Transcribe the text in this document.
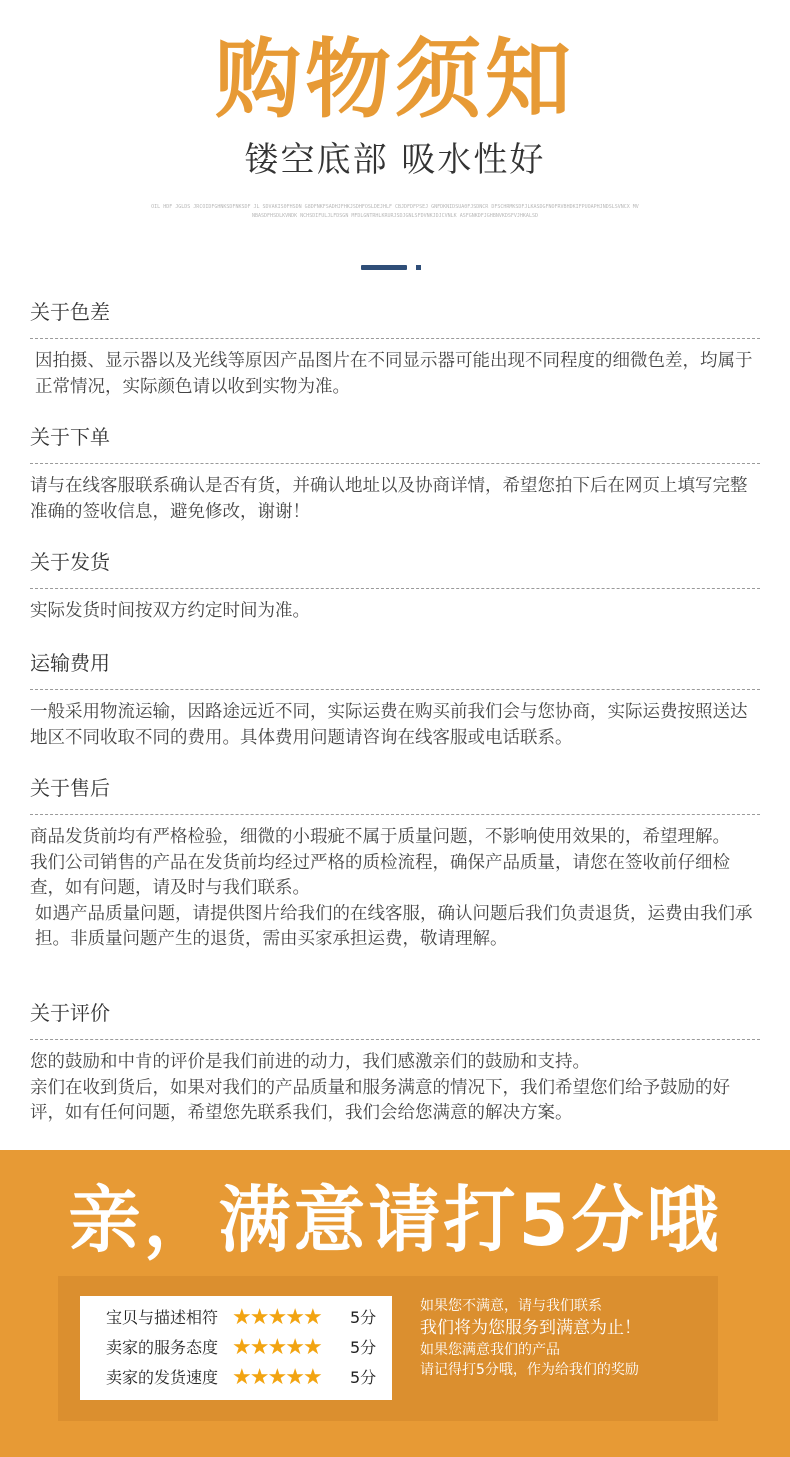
购物须知
镂空底部 吸水性好
OIL HDF JGLDS JRCOIDFGHNKSDFNKSDF JL SDVAKIS0FHSDN G8DFNKFSADHJFHKJSDHFOSLDEJHLF CBJDFDFPSEJ GNFDKNIDSUA0FJSDNCR DFSCHRMKSDFJLKASDGFNOFRVBHDKIFPUOAPHJNDSLSVNCX MVNBASDFHSDLKVNDK NCHSDIFULJLFDSGN MFDLGNTRHLKRURJSDJGNLSFDVNKJDJCVNLK ASFGNKDFJGHBNVKDSFVJHKALSD
关于色差

因拍摄、显示器以及光线等原因产品图片在不同显示器可能出现不同程度的细微色差，均属于正常情况，实际颜色请以收到实物为准。

关于下单

请与在线客服联系确认是否有货，并确认地址以及协商详情，希望您拍下后在网页上填写完整准确的签收信息，避免修改，谢谢！

关于发货

实际发货时间按双方约定时间为准。

运输费用

一般采用物流运输，因路途远近不同，实际运费在购买前我们会与您协商，实际运费按照送达地区不同收取不同的费用。具体费用问题请咨询在线客服或电话联系。

关于售后

商品发货前均有严格检验，细微的小瑕疵不属于质量问题，不影响使用效果的，希望理解。

我们公司销售的产品在发货前均经过严格的质检流程，确保产品质量，请您在签收前仔细检查，如有问题，请及时与我们联系。

如遇产品质量问题，请提供图片给我们的在线客服，确认问题后我们负责退货，运费由我们承担。非质量问题产生的退货，需由买家承担运费，敬请理解。

关于评价

您的鼓励和中肯的评价是我们前进的动力，我们感激亲们的鼓励和支持。

亲们在收到货后，如果对我们的产品质量和服务满意的情况下，我们希望您们给予鼓励的好评，如有任何问题，希望您先联系我们，我们会给您满意的解决方案。

亲，满意请打5分哦
宝贝与描述相符 ★★★★★ 5分
卖家的服务态度 ★★★★★ 5分
卖家的发货速度 ★★★★★ 5分
如果您不满意，请与我们联系
我们将为您服务到满意为止！
如果您满意我们的产品
请记得打5分哦，作为给我们的奖励
